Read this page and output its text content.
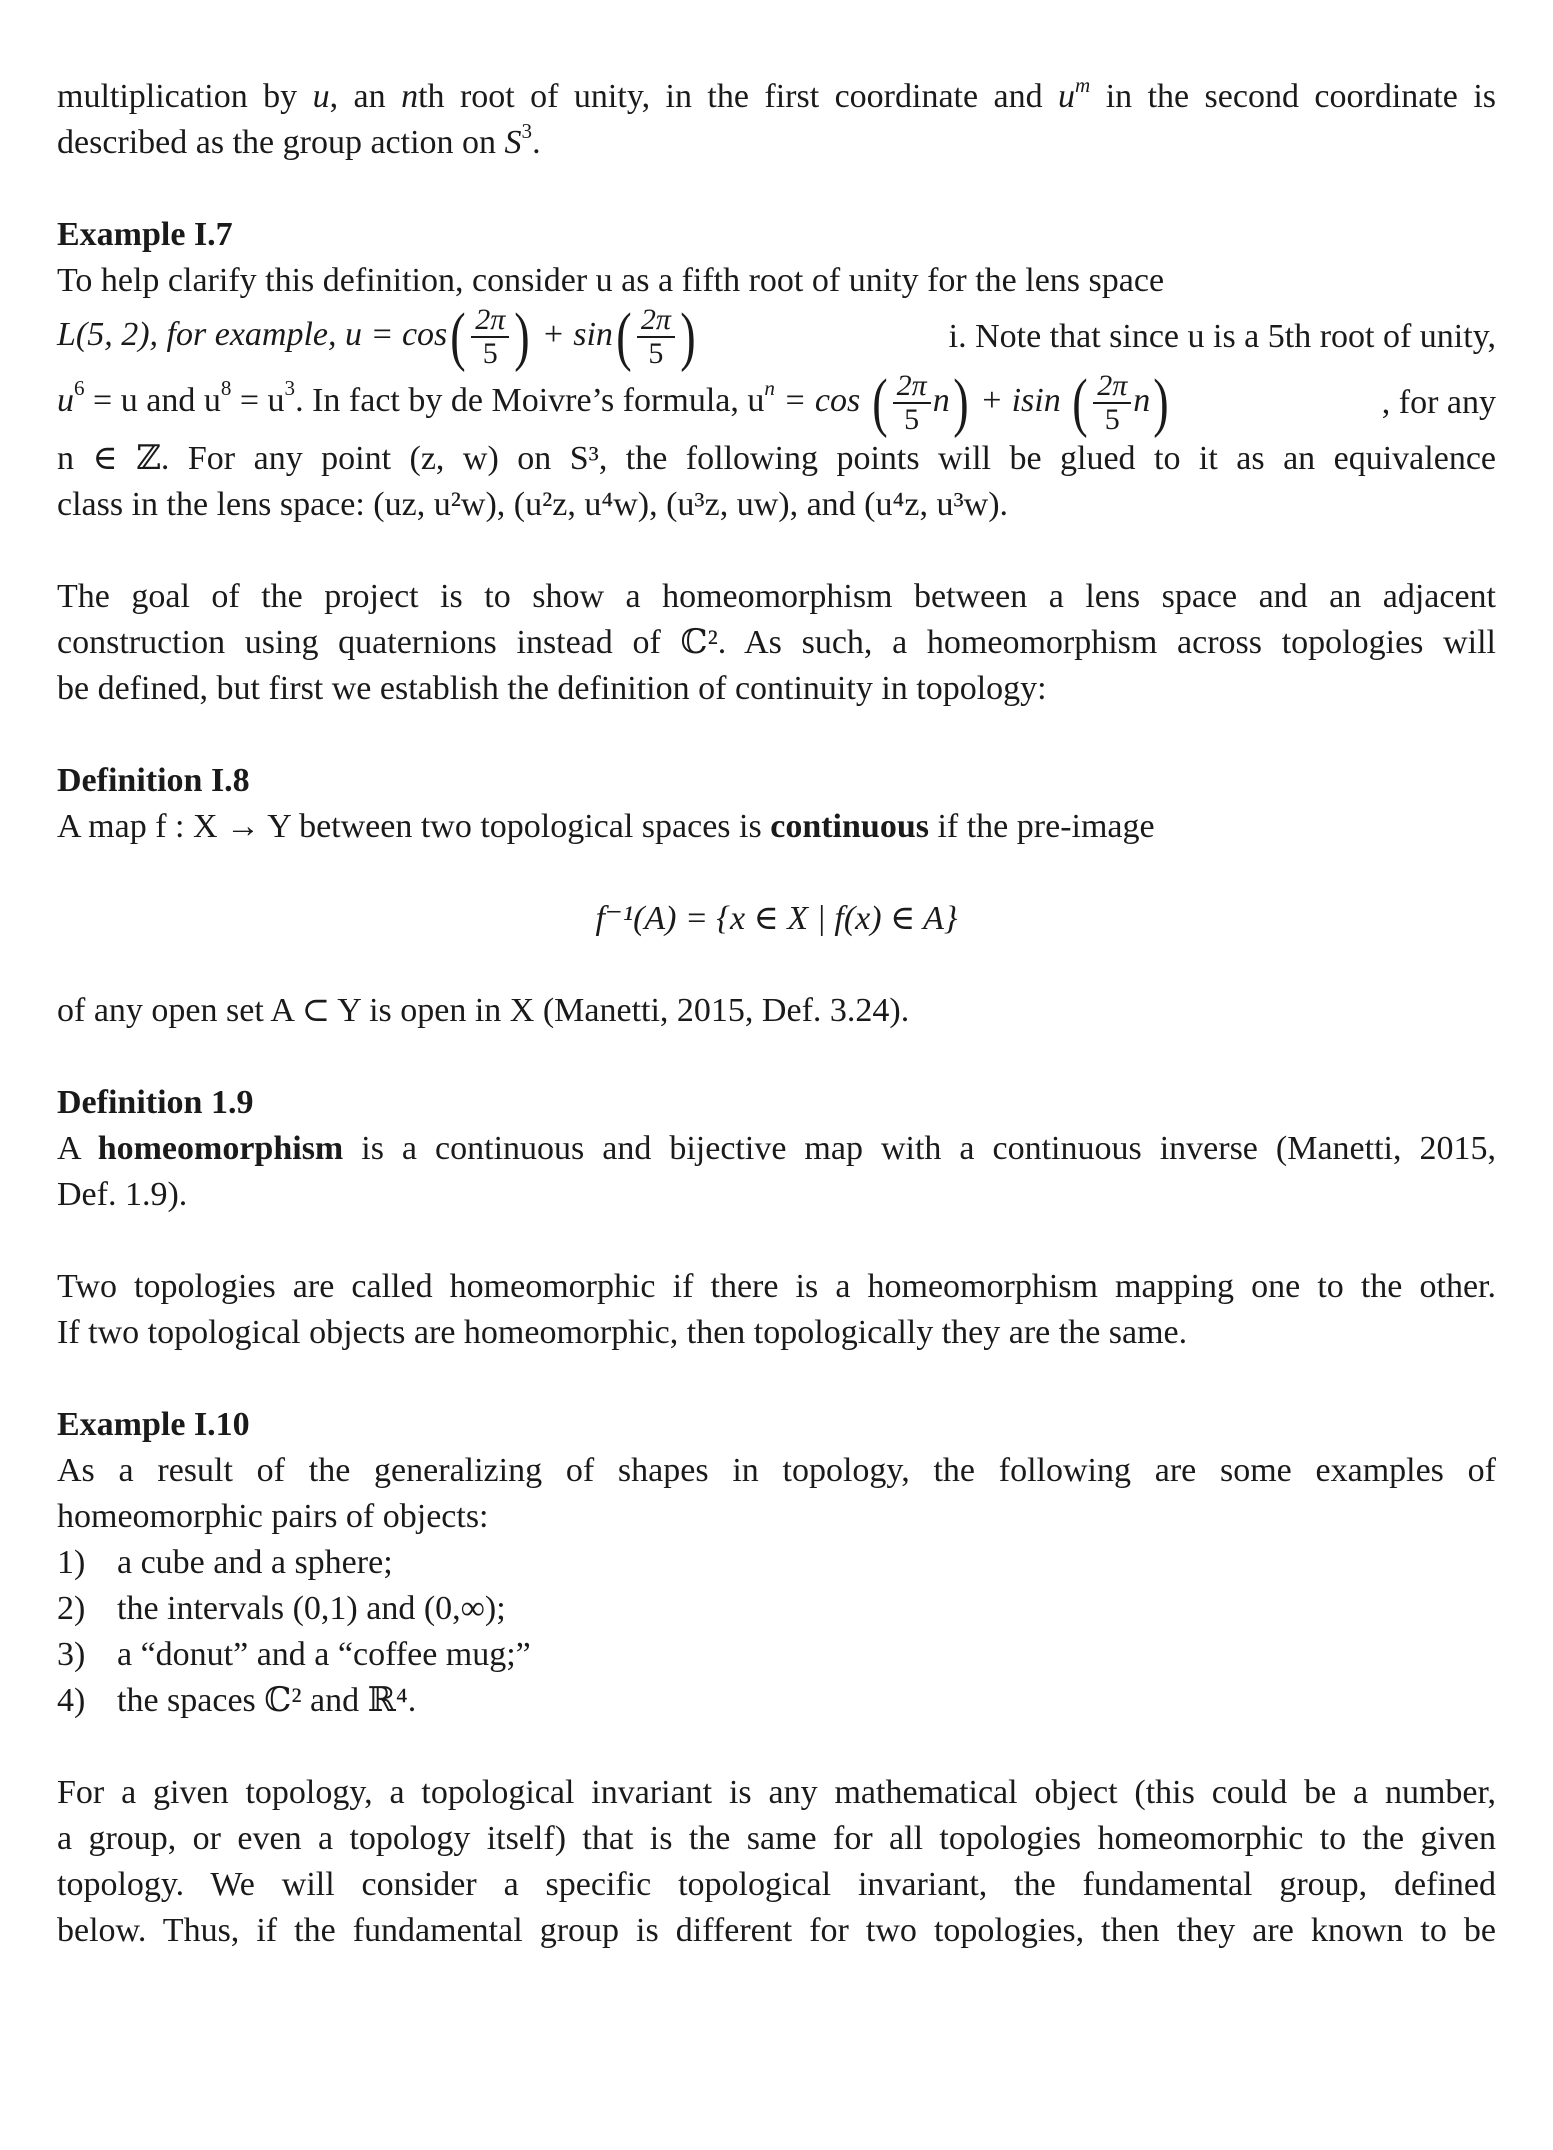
multiplication by u, an nth root of unity, in the first coordinate and $u^m$ in the second coordinate is

described as the group action on $S^3$.

Example I.7

To help clarify this definition, consider u as a fifth root of unity for the lens space

L(5, 2), for example, $u = \cos( \frac{2\pi}{5}$ ) + $\sin( \frac{2\pi}{5}$ )	i. Note that since u is a 5th root of unity,
$u^6 = u$ and $u^8 = u^3$. In fact by de Moivre’s formula, $u^n = \cos$ ( $\frac{2\pi}{5} n) + isin$ ( $\frac{2\pi}{5} n$)	, for any

n ∈ ℤ. For any point (z, w) on S³, the following points will be glued to it as an equivalence

class in the lens space: (uz, u²w), (u²z, u⁴w), (u³z, uw), and (u⁴z, u³w).

The goal of the project is to show a homeomorphism between a lens space and an adjacent

construction using quaternions instead of ℂ². As such, a homeomorphism across topologies will

be defined, but first we establish the definition of continuity in topology:

Definition I.8

A map f : X → Y between two topological spaces is continuous if the pre-image

f⁻¹(A) = {x ∈ X | f(x) ∈ A}

of any open set A ⊂ Y is open in X (Manetti, 2015, Def. 3.24).

Definition 1.9

A homeomorphism is a continuous and bijective map with a continuous inverse (Manetti, 2015,

Def. 1.9).

Two topologies are called homeomorphic if there is a homeomorphism mapping one to the other.

If two topological objects are homeomorphic, then topologically they are the same.

Example I.10

As a result of the generalizing of shapes in topology, the following are some examples of

homeomorphic pairs of objects:

1) a cube and a sphere;
2) the intervals (0,1) and (0,∞);
3) a “donut” and a “coffee mug;”
4) the spaces ℂ² and ℝ⁴.

For a given topology, a topological invariant is any mathematical object (this could be a number,

a group, or even a topology itself) that is the same for all topologies homeomorphic to the given

topology. We will consider a specific topological invariant, the fundamental group, defined

below. Thus, if the fundamental group is different for two topologies, then they are known to be
